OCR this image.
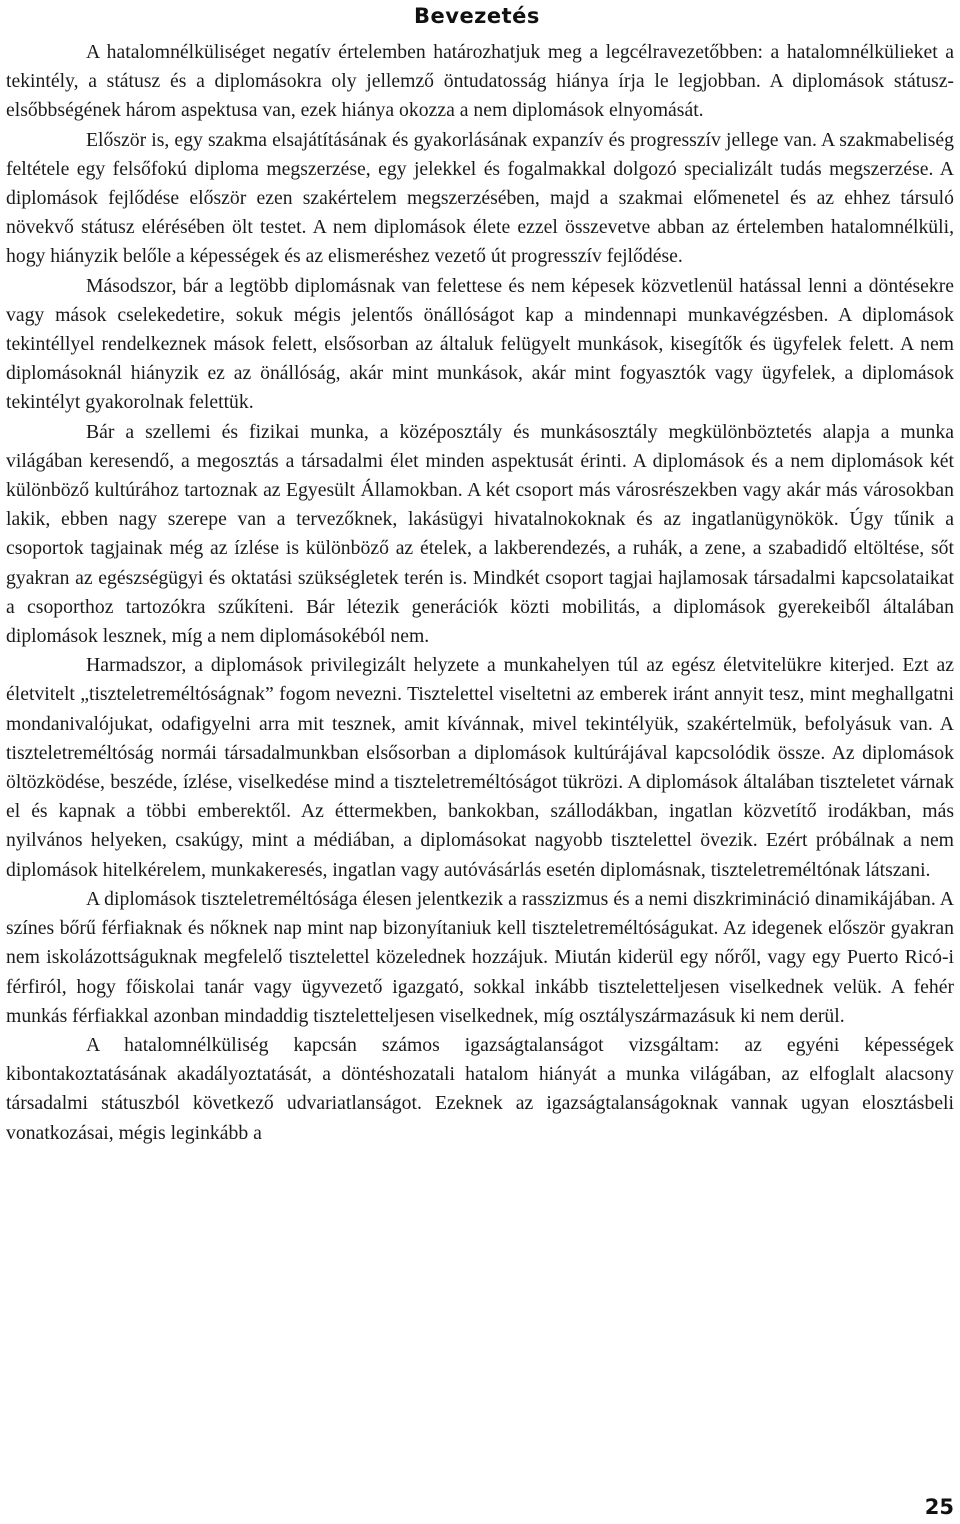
Bevezetés

A hatalomnélküliséget negatív értelemben határozhatjuk meg a legcélravezetőbben: a hatalomnélkülieket a tekintély, a státusz és a diplomásokra oly jellemző öntudatosság hiánya írja le legjobban. A diplomások státusz-elsőbbségének három aspektusa van, ezek hiánya okozza a nem diplomások elnyomását.

Először is, egy szakma elsajátításának és gyakorlásának expanzív és progresszív jellege van. A szakmabeliség feltétele egy felsőfokú diploma megszerzése, egy jelekkel és fogalmakkal dolgozó specializált tudás megszerzése. A diplomások fejlődése először ezen szakértelem megszerzésében, majd a szakmai előmenetel és az ehhez társuló növekvő státusz elérésében ölt testet. A nem diplomások élete ezzel összevetve abban az értelemben hatalomnélküli, hogy hiányzik belőle a képességek és az elismeréshez vezető út progresszív fejlődése.

Másodszor, bár a legtöbb diplomásnak van felettese és nem képesek közvetlenül hatással lenni a döntésekre vagy mások cselekedetire, sokuk mégis jelentős önállóságot kap a mindennapi munkavégzésben. A diplomások tekintéllyel rendelkeznek mások felett, elsősorban az általuk felügyelt munkások, kisegítők és ügyfelek felett. A nem diplomásoknál hiányzik ez az önállóság, akár mint munkások, akár mint fogyasztók vagy ügyfelek, a diplomások tekintélyt gyakorolnak felettük.

Bár a szellemi és fizikai munka, a középosztály és munkásosztály megkülönböztetés alapja a munka világában keresendő, a megosztás a társadalmi élet minden aspektusát érinti. A diplomások és a nem diplomások két különböző kultúrához tartoznak az Egyesült Államokban. A két csoport más városrészekben vagy akár más városokban lakik, ebben nagy szerepe van a tervezőknek, lakásügyi hivatalnokoknak és az ingatlanügynökök. Úgy tűnik a csoportok tagjainak még az ízlése is különböző az ételek, a lakberendezés, a ruhák, a zene, a szabadidő eltöltése, sőt gyakran az egészségügyi és oktatási szükségletek terén is. Mindkét csoport tagjai hajlamosak társadalmi kapcsolataikat a csoporthoz tartozókra szűkíteni. Bár létezik generációk közti mobilitás, a diplomások gyerekeiből általában diplomások lesznek, míg a nem diplomásokéból nem.

Harmadszor, a diplomások privilegizált helyzete a munkahelyen túl az egész életvitelükre kiterjed. Ezt az életvitelt „tiszteletreméltóságnak” fogom nevezni. Tisztelettel viseltetni az emberek iránt annyit tesz, mint meghallgatni mondanivalójukat, odafigyelni arra mit tesznek, amit kívánnak, mivel tekintélyük, szakértelmük, befolyásuk van. A tiszteletreméltóság normái társadalmunkban elsősorban a diplomások kultúrájával kapcsolódik össze. Az diplomások öltözködése, beszéde, ízlése, viselkedése mind a tiszteletreméltóságot tükrözi. A diplomások általában tiszteletet várnak el és kapnak a többi emberektől. Az éttermekben, bankokban, szállodákban, ingatlan közvetítő irodákban, más nyilvános helyeken, csakúgy, mint a médiában, a diplomásokat nagyobb tisztelettel övezik. Ezért próbálnak a nem diplomások hitelkérelem, munkakeresés, ingatlan vagy autóvásárlás esetén diplomásnak, tiszteletreméltónak látszani.

A diplomások tiszteletreméltósága élesen jelentkezik a rasszizmus és a nemi diszkrimináció dinamikájában. A színes bőrű férfiaknak és nőknek nap mint nap bizonyítaniuk kell tiszteletreméltóságukat. Az idegenek először gyakran nem iskolázottságuknak megfelelő tisztelettel közelednek hozzájuk. Miután kiderül egy nőről, vagy egy Puerto Ricó-i férfiról, hogy főiskolai tanár vagy ügyvezető igazgató, sokkal inkább tiszteletteljesen viselkednek velük. A fehér munkás férfiakkal azonban mindaddig tiszteletteljesen viselkednek, míg osztályszármazásuk ki nem derül.

A hatalomnélküliség kapcsán számos igazságtalanságot vizsgáltam: az egyéni képességek kibontakoztatásának akadályoztatását, a döntéshozatali hatalom hiányát a munka világában, az elfoglalt alacsony társadalmi státuszból következő udvariatlanságot. Ezeknek az igazságtalanságoknak vannak ugyan elosztásbeli vonatkozásai, mégis leginkább a

25
